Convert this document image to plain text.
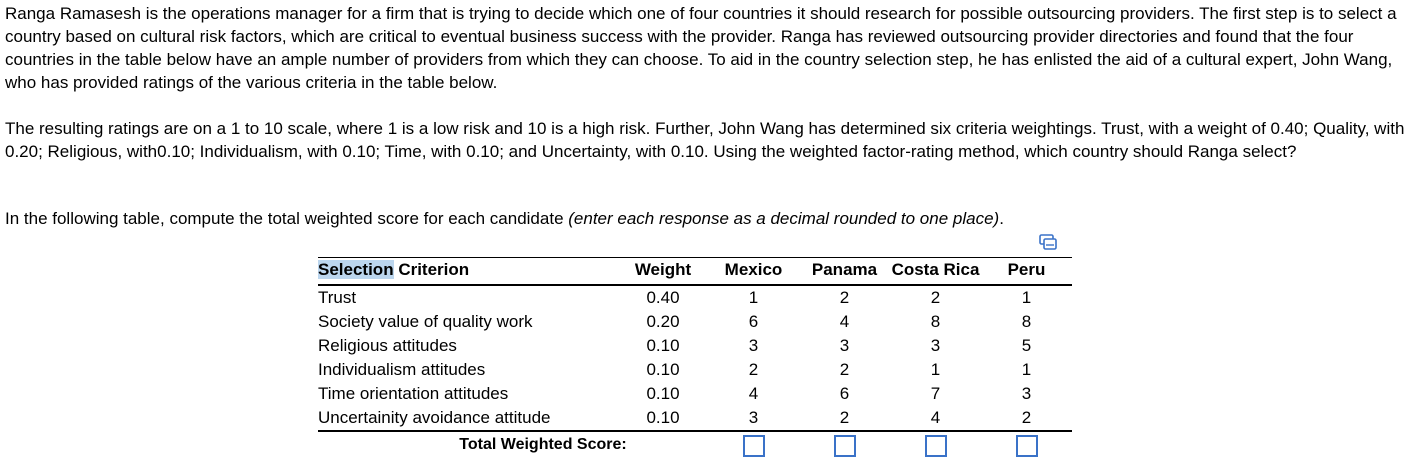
Ranga Ramasesh is the operations manager for a firm that is trying to decide which one of four countries it should research for possible outsourcing providers. The first step is to select a country based on cultural risk factors, which are critical to eventual business success with the provider. Ranga has reviewed outsourcing provider directories and found that the four countries in the table below have an ample number of providers from which they can choose. To aid in the country selection step, he has enlisted the aid of a cultural expert, John Wang, who has provided ratings of the various criteria in the table below.

The resulting ratings are on a 1 to 10 scale, where 1 is a low risk and 10 is a high risk. Further, John Wang has determined six criteria weightings. Trust, with a weight of 0.40; Quality, with 0.20; Religious, with0.10; Individualism, with 0.10; Time, with 0.10; and Uncertainty, with 0.10. Using the weighted factor-rating method, which country should Ranga select?

In the following table, compute the total weighted score for each candidate (enter each response as a decimal rounded to one place).

Selection Criterion	Weight	Mexico	Panama	Costa Rica	Peru
Trust	0.40	1	2	2	1
Society value of quality work	0.20	6	4	8	8
Religious attitudes	0.10	3	3	3	5
Individualism attitudes	0.10	2	2	1	1
Time orientation attitudes	0.10	4	6	7	3
Uncertainity avoidance attitude	0.10	3	2	4	2

Total Weighted Score:					
